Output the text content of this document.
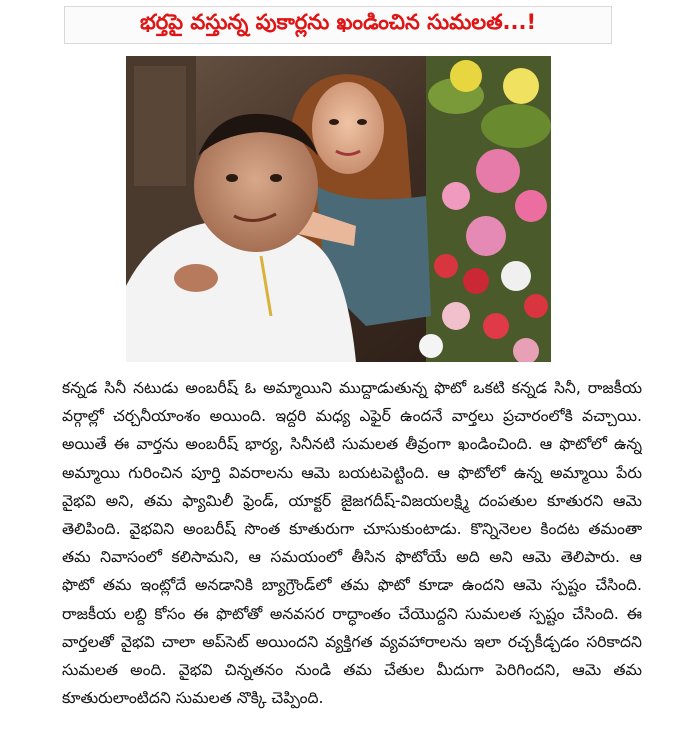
భర్తపై వస్తున్న పుకార్లను ఖండించిన సుమలత...!
కన్నడ సినీ నటుడు అంబరీష్ ఓ అమ్మాయిని ముద్దాడుతున్న ఫొటో ఒకటి కన్నడ సినీ, రాజకీయ
వర్గాల్లో చర్చనీయాంశం అయింది. ఇద్దరి మధ్య ఎఫైర్ ఉందనే వార్తలు ప్రచారంలోకి వచ్చాయి.
అయితే ఈ వార్తను అంబరీష్ భార్య, సినీనటి సుమలత తీవ్రంగా ఖండించింది. ఆ ఫొటోలో ఉన్న
అమ్మాయి గురించిన పూర్తి వివరాలను ఆమె బయటపెట్టింది. ఆ ఫొటోలో ఉన్న అమ్మాయి పేరు
వైభవి అని, తమ ఫ్యామిలీ ఫ్రెండ్, యాక్టర్ జైజగదీష్-విజయలక్ష్మి దంపతుల కూతురని ఆమె
తెలిపింది. వైభవిని అంబరీష్ సొంత కూతురుగా చూసుకుంటాడు. కొన్నినెలల కిందట తమంతా
తమ నివాసంలో కలిసామని, ఆ సమయంలో తీసిన ఫొటోయే అది అని ఆమె తెలిపారు. ఆ
ఫొటో తమ ఇంట్లోదే అనడానికి బ్యాగ్రౌండ్‌లో తమ ఫొటో కూడా ఉందని ఆమె స్పష్టం చేసింది.
రాజకీయ లబ్ది కోసం ఈ ఫొటోతో అనవసర రాద్ధాంతం చేయొద్దని సుమలత స్పష్టం చేసింది. ఈ
వార్తలతో వైభవి చాలా అప్‌సెట్ అయిందని వ్యక్తిగత వ్యవహారాలను ఇలా రచ్చకీడ్చడం సరికాదని
సుమలత అంది. వైభవి చిన్నతనం నుండి తమ చేతుల మీదుగా పెరిగిందని, ఆమె తమ
కూతురులాంటిదని సుమలత నొక్కి చెప్పింది.
